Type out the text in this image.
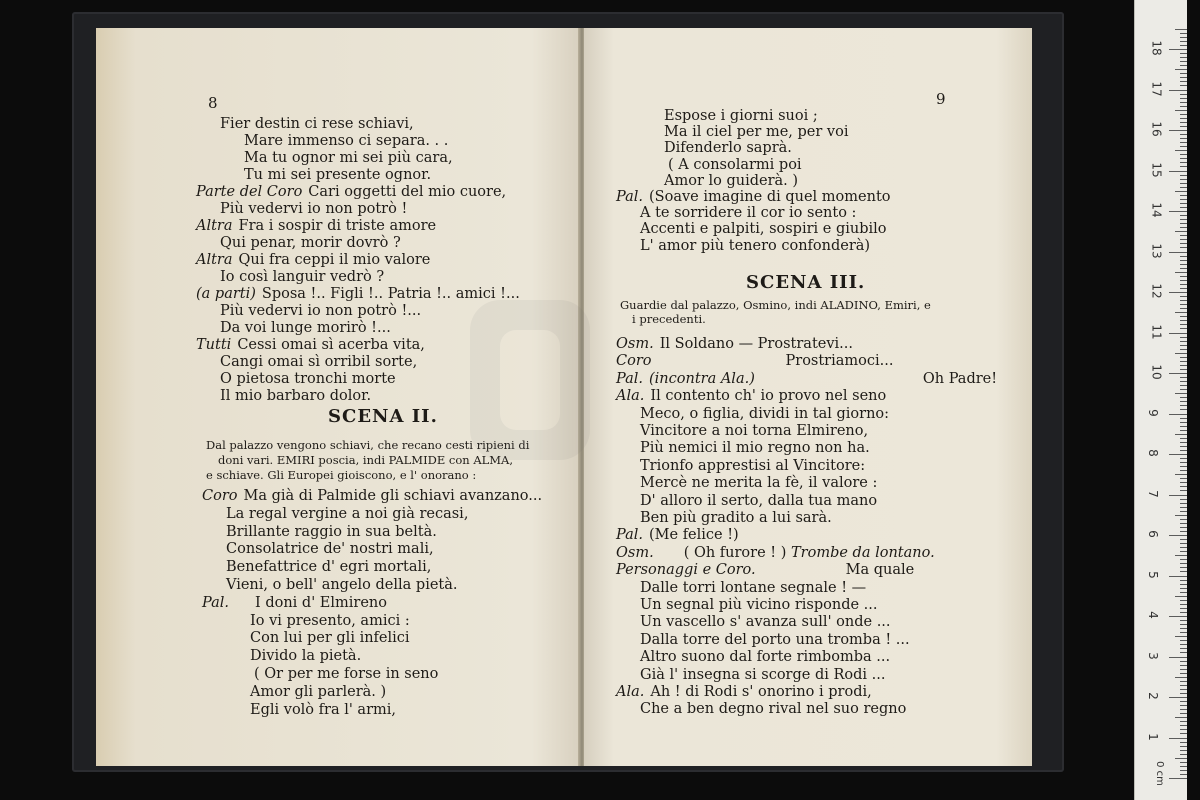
8
Fier destin ci rese schiavi,
Mare immenso ci separa. . .
Ma tu ognor mi sei più cara,
Tu mi sei presente ognor.
Parte del Coro Cari oggetti del mio cuore,
Più vedervi io non potrò !
Altra Fra i sospir di triste amore
Qui penar, morir dovrò ?
Altra Qui fra ceppi il mio valore
Io così languir vedrò ?
(a parti) Sposa !.. Figli !.. Patria !.. amici !...
Più vedervi io non potrò !...
Da voi lunge morirò !...
Tutti Cessi omai sì acerba vita,
Cangi omai sì orribil sorte,
O pietosa tronchi morte
Il mio barbaro dolor.
SCENA II.
Dal palazzo vengono schiavi, che recano cesti ripieni di
doni vari. EMIRI poscia, indi PALMIDE con ALMA,
e schiave. Gli Europei gioiscono, e l' onorano :
Coro Ma già di Palmide gli schiavi avanzano...
La regal vergine a noi già recasi,
Brillante raggio in sua beltà.
Consolatrice de' nostri mali,
Benefattrice d' egri mortali,
Vieni, o bell' angelo della pietà.
Pal. I doni d' Elmireno
Io vi presento, amici :
Con lui per gli infelici
Divido la pietà.
( Or per me forse in seno
Amor gli parlerà. )
Egli volò fra l' armi,
9
Espose i giorni suoi ;
Ma il ciel per me, per voi
Difenderlo saprà.
( A consolarmi poi
Amor lo guiderà. )
Pal. (Soave imagine di quel momento
A te sorridere il cor io sento :
Accenti e palpiti, sospiri e giubilo
L' amor più tenero confonderà)
SCENA III.
Guardie dal palazzo, Osmino, indi ALADINO, Emiri, e
i precedenti.
Osm. Il Soldano — Prostratevi...
Coro	Prostriamoci...
Pal. (incontra Ala.)	Oh Padre!
Ala. Il contento ch' io provo nel seno
Meco, o figlia, dividi in tal giorno:
Vincitore a noi torna Elmireno,
Più nemici il mio regno non ha.
Trionfo apprestisi al Vincitore:
Mercè ne merita la fè, il valore :
D' alloro il serto, dalla tua mano
Ben più gradito a lui sarà.
Pal. (Me felice !)
Osm. ( Oh furore ! ) Trombe da lontano.
Personaggi e Coro.	Ma quale
Dalle torri lontane segnale ! —
Un segnal più vicino risponde ...
Un vascello s' avanza sull' onde ...
Dalla torre del porto una tromba ! ...
Altro suono dal forte rimbomba ...
Già l' insegna si scorge di Rodi ...
Ala. Ah ! di Rodi s' onorino i prodi,
Che a ben degno rival nel suo regno
0 cm
1
2
3
4
5
6
7
8
9
10
11
12
13
14
15
16
17
18
